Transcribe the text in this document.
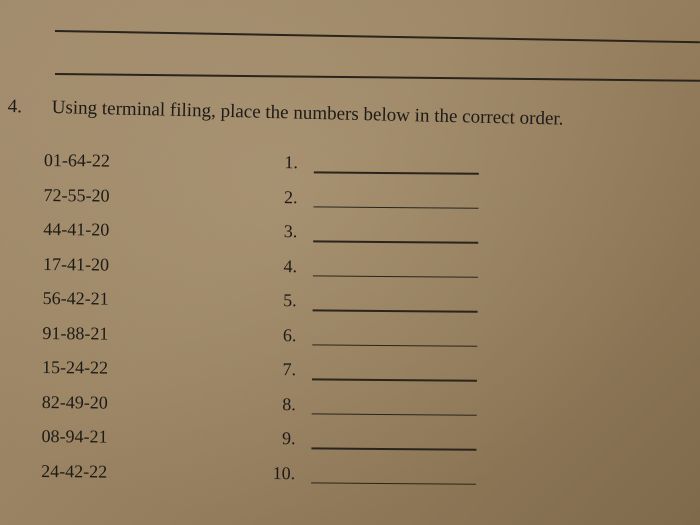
4. Using terminal filing, place the numbers below in the correct order.
01-64-22	1.
72-55-20	2.
44-41-20	3.
17-41-20	4.
56-42-21	5.
91-88-21	6.
15-24-22	7.
82-49-20	8.
08-94-21	9.
24-42-22	10.
